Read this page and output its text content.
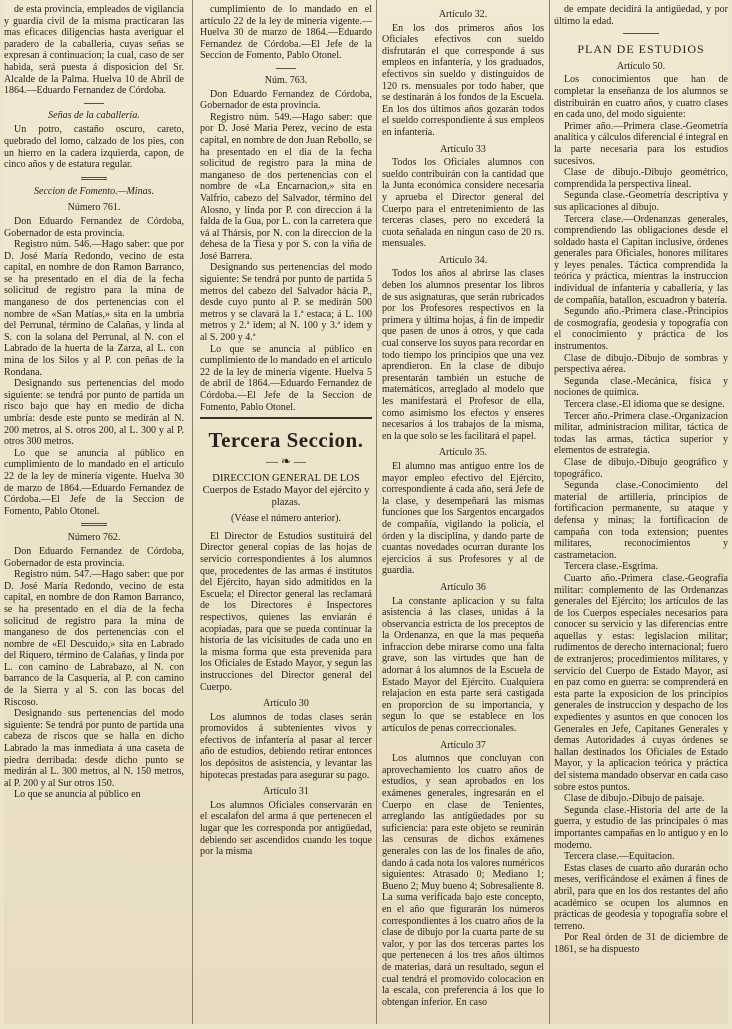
de esta provincia, empleados de vigilancia y guardia civil de la misma practicaran las mas eficaces diligencias hasta averiguar el paradero de la caballeria, cuyas señas se expresan á continuacion; la cual, caso de ser habida, será puesta á disposicion del Sr. Alcalde de la Palma. Huelva 10 de Abril de 1864.—Eduardo Fernandez de Córdoba.

Señas de la caballería.

Un potro, castaño oscuro, careto, quebrado del lomo, calzado de los pies, con un hierro en la cadera izquierda, capon, de cinco años y de estatura regular.

Seccion de Fomento.—Minas.

Número 761.

Don Eduardo Fernandez de Córdoba, Gobernador de esta provincia.

Registro núm. 546.—Hago saber: que por D. José María Redondo, vecino de esta capital, en nombre de don Ramon Barranco, se ha presentado en el dia de la fecha solicitud de registro para la mina de manganeso de dos pertenencias con el nombre de «San Matías,» sita en la umbría del Perrunal, término de Calañas, y linda al S. con la solana del Perrunal, al N. con el Labrado de la huerta de la Zarza, al L. con mina de los Silos y al P. con peñas de la Rondana.

Designando sus pertenencias del modo siguiente: se tendrá por punto de partida un risco bajo que hay en medio de dicha umbría: desde este punto se medirán al N. 200 metros, al S. otros 200, al L. 300 y al P. otros 300 metros.

Lo que se anuncia al público en cumplimiento de lo mandado en el artículo 22 de la ley de minería vigente. Huelva 30 de marzo de 1864.—Eduardo Fernandez de Córdoba.—El Jefe de la Seccion de Fomento, Pablo Otonel.

Número 762.

Don Eduardo Fernandez de Córdoba, Gobernador de esta provincia.

Registro núm. 547.—Hago saber: que por D. José María Redondo, vecino de esta capital, en nombre de don Ramon Barranco, se ha presentado en el dia de la fecha solicitud de registro para la mina de manganeso de dos pertenencias con el nombre de «El Descuido,» sita en Labrado del Riquero, término de Calañas, y linda por L. con camino de Labrabazo, al N. con barranco de la Casquería, al P. con camino de la Sierra y al S. con las bocas del Riscoso.

Designando sus pertenencias del modo siguiente: Se tendrá por punto de partida una cabeza de riscos que se halla en dicho Labrado la mas inmediata á una caseta de piedra derribada: desde dicho punto se medirán al L. 300 metros, al N. 150 metros, al P. 200 y al Sur otros 150.

Lo que se anuncia al público en

cumplimiento de lo mandado en el artículo 22 de la ley de minería vigente.—Huelva 30 de marzo de 1864.—Eduardo Fernandez de Córdoba.—El Jefe de la Seccion de Fomento, Pablo Otonel.

Núm. 763.

Don Eduardo Fernandez de Córdoba, Gobernador de esta provincia.

Registro núm. 549.—Hago saber: que por D. José Maria Perez, vecino de esta capital, en nombre de don Juan Rebollo, se ha presentado en el dia de la fecha solicitud de registro para la mina de manganeso de dos pertenencias con el nombre de «La Encarnacion,» sita en Valfrio, cabezo del Salvador, término del Alosno, y linda por P. con direccion á la falda de la Gua, por L. con la carretera que vá al Thársis, por N. con la direccion de la dehesa de la Tiesa y por S. con la viña de José Barrera.

Designando sus pertenencias del modo siguiente: Se tendrá por punto de partida 5 metros del cabezo del Salvador hácia P., desde cuyo punto al P. se medirán 500 metros y se clavará la 1.ª estaca; á L. 100 metros y 2.ª idem; al N. 100 y 3.ª idem y al S. 200 y 4.ª

Lo que se anuncia al público en cumplimiento de lo mandado en el artículo 22 de la ley de minería vigente. Huelva 5 de abril de 1864.—Eduardo Fernandez de Córdoba.—El Jefe de la Seccion de Fomento, Pablo Otonel.

Tercera Seccion.

— ❧ —

DIRECCION GENERAL DE LOS Cuerpos de Estado Mayor del ejército y plazas.

(Véase el número anterior).

El Director de Estudios sustituirá del Director general copias de las hojas de servicio correspondientes á los alumnos que, procedentes de las armas é institutos del Ejército, hayan sido admitidos en la Escuela; el Director general las reclamará de los Directores é Inspectores respectivos, quienes las enviarán é acopiadas, para que se pueda continuar la historia de las vicisitudes de cada uno en la misma forma que esta prevenida para los Oficiales de Estado Mayor, y segun las instrucciones del Director general del Cuerpo.

Artículo 30

Los alumnos de todas clases serán promovidos á subtenientes vivos y efectivos de infantería al pasar al tercer año de estudios, debiendo retirar entonces los depósitos de asistencia, y levantar las hipotecas prestadas para asegurar su pago.

Artículo 31

Los alumnos Oficiales conservarán en el escalafon del arma á que pertenecen el lugar que les corresponda por antigüedad, debiendo ser ascendidos cuando les toque por la misma

Artículo 32.

En los dos primeros años los Oficiales efectivos con sueldo disfrutarán el que corresponde á sus empleos en infantería, y los graduados, efectivos sin sueldo y distinguidos de 120 rs. mensuales por todo haber, que se destinarán á los fondos de la Escuela. En los dos últimos años gozarán todos el sueldo correspondiente á sus empleos en infantería.

Artículo 33

Todos los Oficiales alumnos con sueldo contribuirán con la cantidad que la Junta económica considere necesaria y aprueba el Director general del Cuerpo para el entretenimiento de las terceras clases, pero no excederá la cuota señalada en ningun caso de 20 rs. mensuales.

Artículo 34.

Todos los años al abrirse las clases deben los alumnos presentar los libros de sus asignaturas, que serán rubricados por los Profesores respectivos en la primera y última hojas, á fin de impedir que pasen de unos á otros, y que cada cual conserve los suyos para recordar en todo tiempo los principios que una vez aprendieron. En la clase de dibujo presentarán también un estuche de matemáticos, arreglado al modelo que les manifestará el Profesor de ella, como asimismo los efectos y enseres necesarios á los trabajos de la misma, en la que solo se les facilitará el papel.

Artículo 35.

El alumno mas antiguo entre los de mayor empleo efectivo del Ejército, correspondiente á cada año, será Jefe de la clase, y desempeñará las mismas funciones que los Sargentos encargados de compañía, vigilando la policía, el órden y la disciplina, y dando parte de cuantas novedades ocurran durante los ejercicios á sus Profesores y al de guardia.

Artículo 36

La constante aplicacion y su falta asistencia á las clases, unidas á la observancia estricta de los preceptos de la Ordenanza, en que la mas pequeña infraccion debe mirarse como una falta grave, son las virtudes que han de adornar á los alumnos de la Escuela de Estado Mayor del Ejército. Cualquiera relajacion en esta parte será castigada en proporcion de su importancia, y segun lo que se establece en los artículos de penas correccionales.

Artículo 37

Los alumnos que concluyan con aprovechamiento los cuatro años de estudios, y sean aprobados en los exámenes generales, ingresarán en el Cuerpo en clase de Tenientes, arreglando las antigüedades por su suficiencia: para este objeto se reunirán las censuras de dichos exámenes generales con las de los finales de año, dando á cada nota los valores numéricos siguientes: Atrasado 0; Mediano 1; Bueno 2; Muy bueno 4; Sobresaliente 8. La suma verificada bajo este concepto, en el año que figurarán los números correspondientes á los cuatro años de la clase de dibujo por la cuarta parte de su valor, y por las dos terceras partes los que pertenecen á los tres años últimos de materias, dará un resultado, segun el cual tendrá el promovido colocacion en la escala, con preferencia á los que lo obtengan inferior. En caso

de empate decidirá la antigüedad, y por último la edad.

PLAN DE ESTUDIOS

Artículo 50.

Los conocimientos que han de completar la enseñanza de los alumnos se distribuirán en cuatro años, y cuatro clases en cada uno, del modo siguiente:

Primer año.—Primera clase.-Geometría analítica y cálculos diferencial é integral en la parte necesaria para los estudios sucesivos.

Clase de dibujo.-Dibujo geométrico, comprendida la perspectiva lineal.

Segunda clase.-Geometría descriptiva y sus aplicaciones al dibujo.

Tercera clase.—Ordenanzas generales, comprendiendo las obligaciones desde el soldado hasta el Capitan inclusive, órdenes generales para Oficiales, honores militares y leyes penales. Táctica comprendida la teórica y práctica, mientras la instruccion individual de infantería y caballería, y las de compañía, batallon, escuadron y batería.

Segundo año.-Primera clase.-Principios de cosmografía, geodesia y topografía con el conocimiento y práctica de los instrumentos.

Clase de dibujo.-Dibujo de sombras y perspectiva aérea.

Segunda clase.-Mecánica, física y nociones de química.

Tercera clase.-El idioma que se designe.

Tercer año.-Primera clase.-Organizacion militar, administracion militar, táctica de todas las armas, táctica superior y elementos de estrategia.

Clase de dibujo.-Dibujo geográfico y topográfico.

Segunda clase.-Conocimiento del material de artillería, principios de fortificacion permanente, su ataque y defensa y minas; la fortificacion de campaña con toda extension; puentes militares, reconocimientos y castrametacion.

Tercera clase.-Esgrima.

Cuarto año.-Primera clase.-Geografía militar: complemento de las Ordenanzas generales del Ejército; los artículos de las de los Cuerpos especiales necesarios para conocer su servicio y las diferencias entre aquellas y estas: legislacion militar; rudimentos de derecho internacional; fuero de extranjeros; procedimientos militares, y servicio del Cuerpo de Estado Mayor, así en paz como en guerra: se comprenderá en esta parte la exposicion de los principios generales de instruccion y despacho de los expedientes y asuntos en que conocen los Generales en Jefe, Capitanes Generales y demas Autoridades á cuyas órdenes se hallan destinados los Oficiales de Estado Mayor, y la aplicacion teórica y práctica del sistema mandado observar en cada caso sobre estos puntos.

Clase de dibujo.-Dibujo de paisaje.

Segunda clase.-Historia del arte de la guerra, y estudio de las principales ó mas importantes campañas en lo antiguo y en lo moderno.

Tercera clase.—Equitacion.

Estas clases de cuarto año durarán ocho meses, verificándose el exámen á fines de abril, para que en los dos restantes del año académico se ocupen los alumnos en prácticas de geodesia y topografía sobre el terreno.

Por Real órden de 31 de diciembre de 1861, se ha dispuesto
